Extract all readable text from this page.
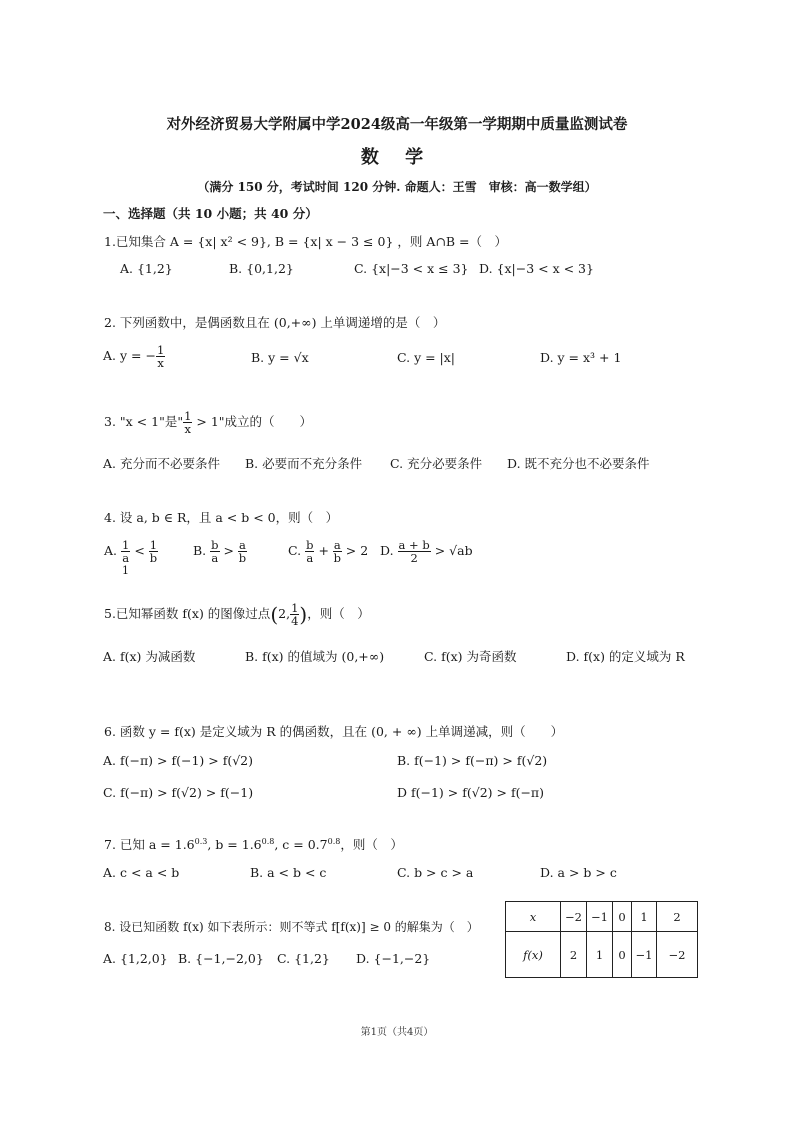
对外经济贸易大学附属中学2024级高一年级第一学期期中质量监测试卷
数 学
（满分 150 分，考试时间 120 分钟. 命题人：王雪　审核：高一数学组）
一、选择题（共 10 小题；共 40 分）
1.已知集合 A = {x| x² < 9}, B = {x| x − 3 ≤ 0} ，则 A∩B =（　）
A. {1,2}	B. {0,1,2}	C. {x|−3 < x ≤ 3} D. {x|−3 < x < 3}
2. 下列函数中，是偶函数且在 (0,+∞) 上单调递增的是（　）
A. y = − $\frac{1}{x}$	B. y = √x	C. y = |x|	D. y = x³ + 1
3. "x < 1"是" $\frac{1}{x} > 1$"成立的（　　）
A. 充分而不必要条件 B. 必要而不充分条件 C. 充分必要条件 D. 既不充分也不必要条件
4. 设 a, b ∈ R，且 a < b < 0，则（　）
A. $\frac{1}{a} < \frac{1}{b}$
1
B. $\frac{b}{a} > \frac{a}{b}$	C. $\frac{b}{a} + \frac{a}{b} > 2$ D. $\frac{a + b}{2} > √ab$
5.已知幂函数 f(x) 的图像过点(2, $\frac{1}{4}$ )，则（　）
A. f(x) 为减函数	B. f(x) 的值域为 (0,+∞)	C. f(x) 为奇函数	D. f(x) 的定义域为 R
6. 函数 y = f(x) 是定义域为 R 的偶函数，且在 (0, + ∞) 上单调递减，则（　　）
A. f(−π) > f(−1) > f(√2)	B. f(−1) > f(−π) > f(√2)
C. f(−π) > f(√2) > f(−1)	D f(−1) > f(√2) > f(−π)
7. 已知 $a = 1.6^{0.3}$, $b = 1.6^{0.8}$, $c = 0.7^{0.8}$，则（　）
A. c < a < b	B. a < b < c	C. b > c > a	D. a > b > c
8. 设已知函数 f(x) 如下表所示：则不等式 f[f(x)] ≥ 0 的解集为（　）
A. {1,2,0} B. {−1,−2,0} C. {1,2} D. {−1,−2}
x	−2	−1	0	1	2
f(x)	2	1	0	−1	−2
第1页（共4页）
